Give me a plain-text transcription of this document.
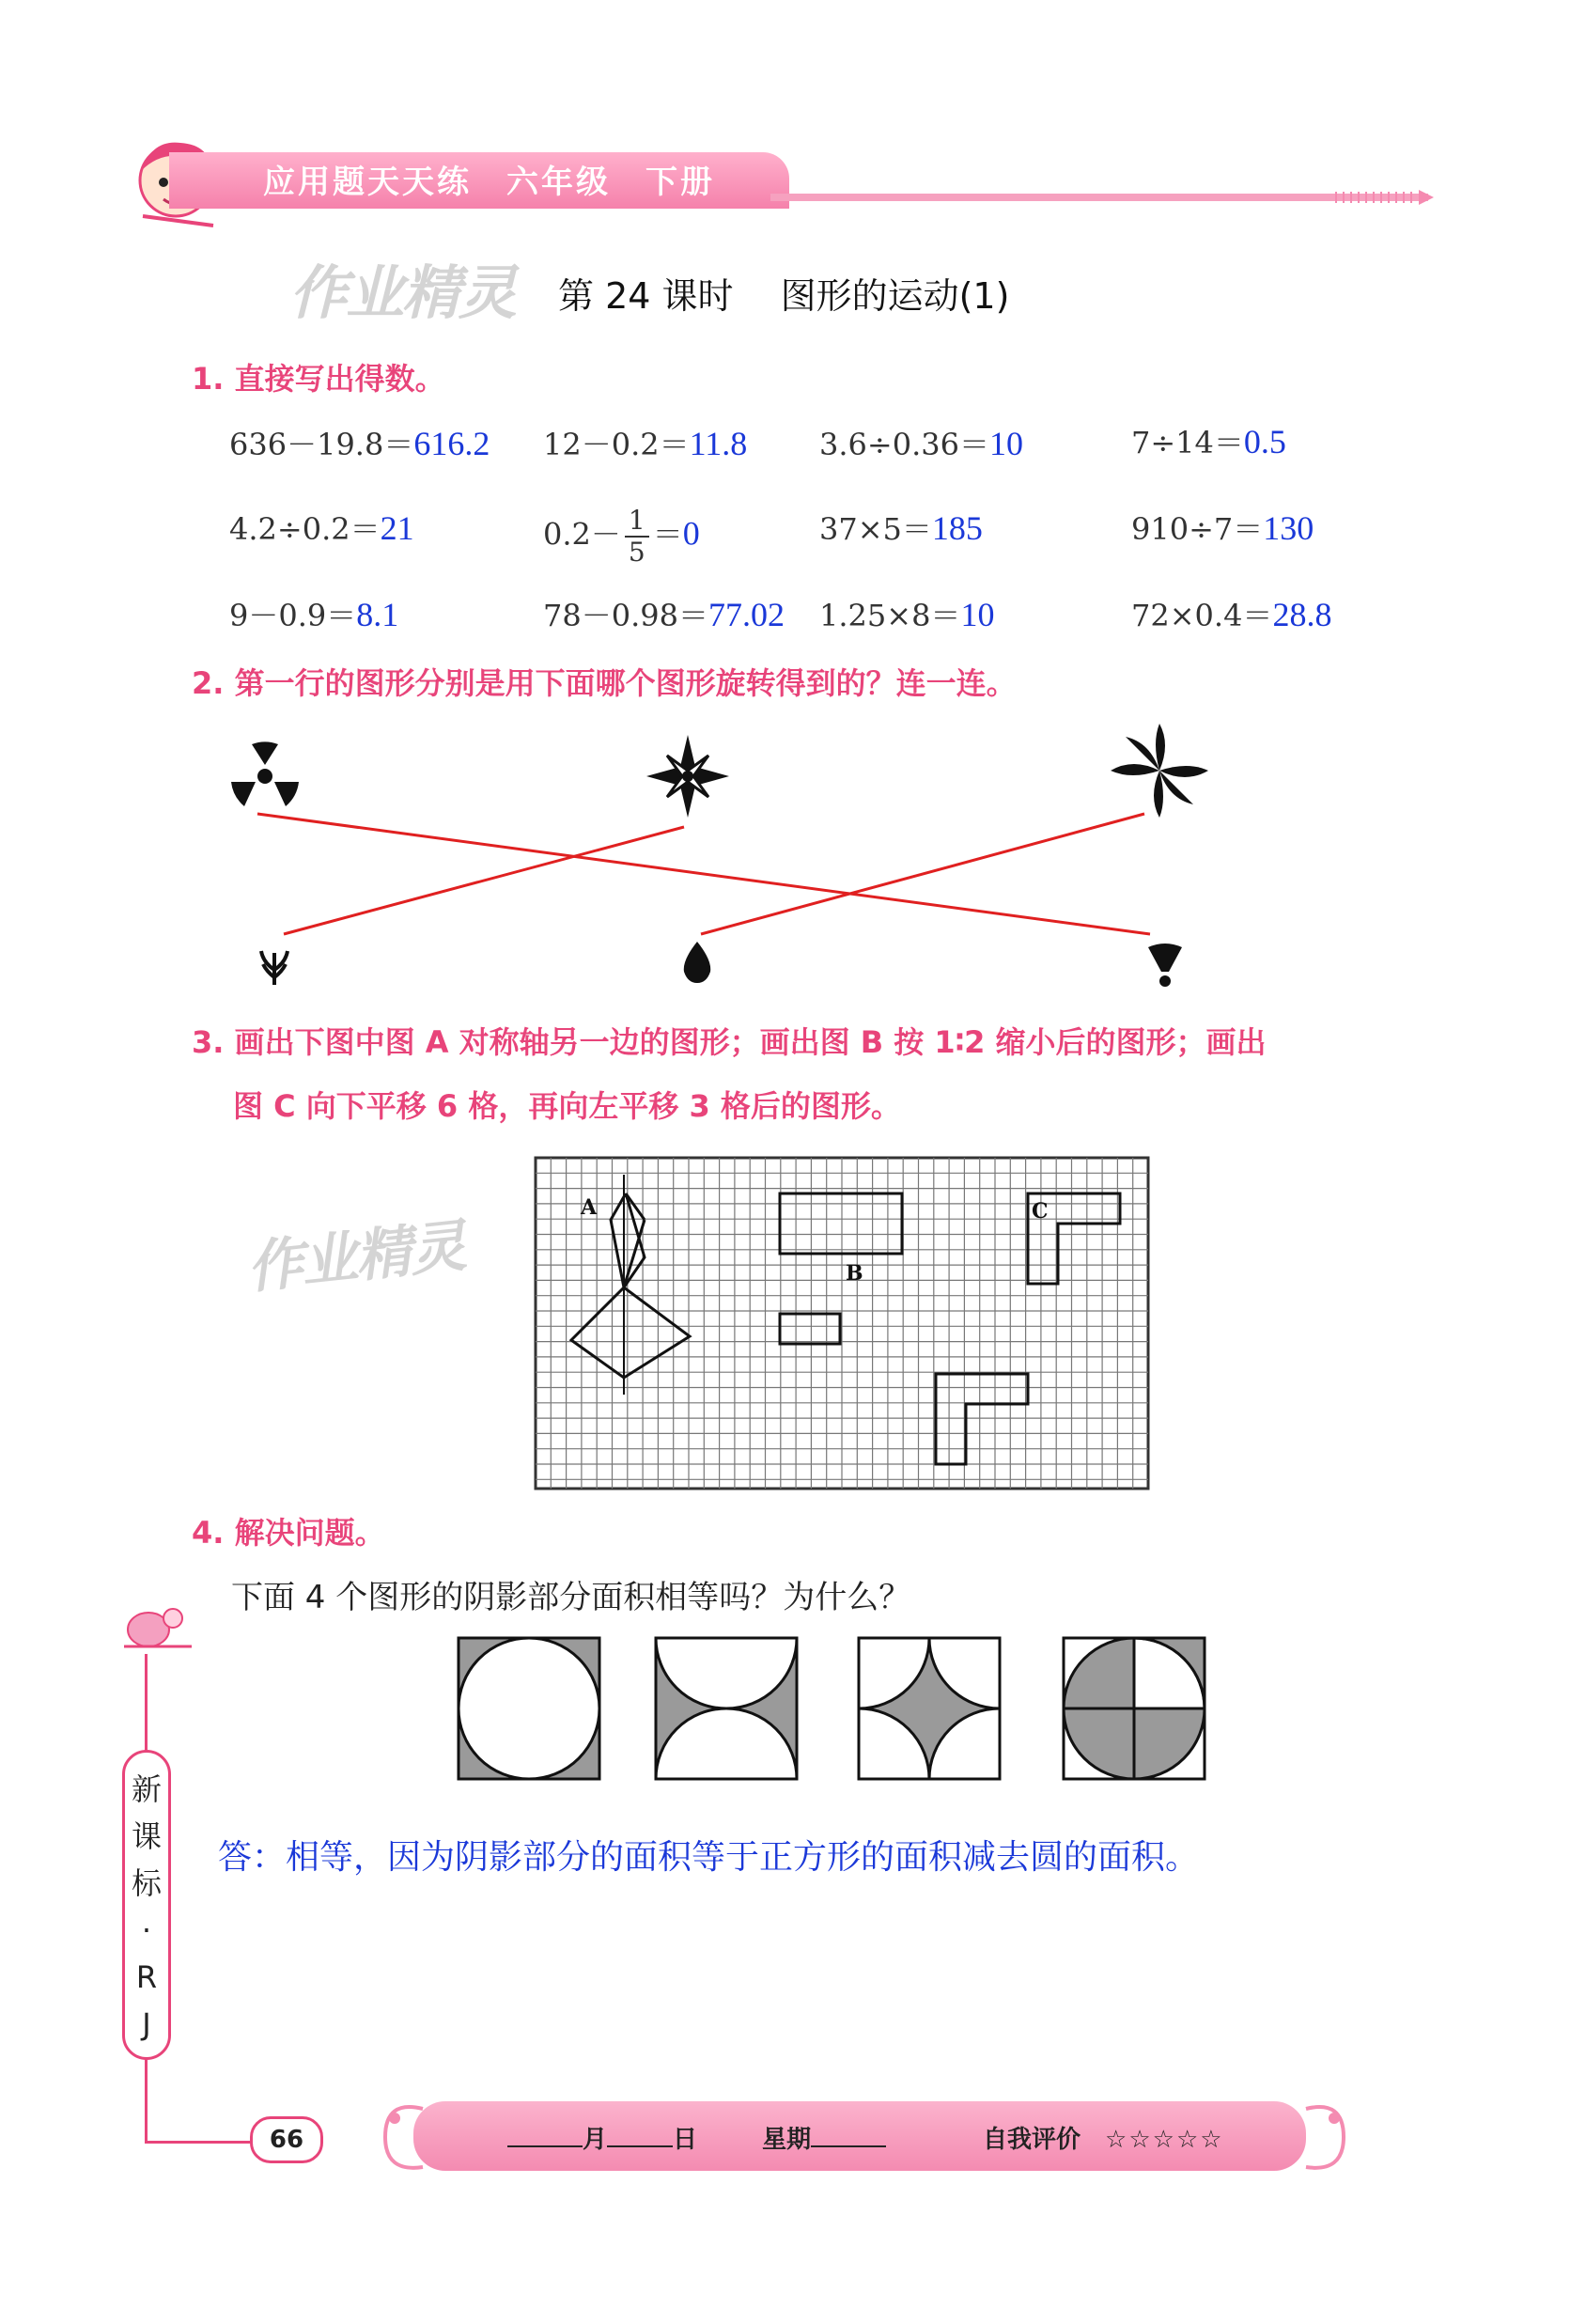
应用题天天练　六年级　下册
作业精灵 第 24 课时　 图形的运动(1)
1. 直接写出得数。
636－19.8＝616.2 12－0.2＝11.8 3.6÷0.36＝10	7÷14＝0.5
4.2÷0.2＝21	$0.2- \frac{1}{5} =0$	37×5＝185	910÷7＝130
9－0.9＝8.1	78－0.98＝77.02 1.25×8＝10	72×0.4＝28.8
2. 第一行的图形分别是用下面哪个图形旋转得到的？连一连。
3. 画出下图中图 A 对称轴另一边的图形；画出图 B 按 1∶2 缩小后的图形；画出
图 C 向下平移 6 格，再向左平移 3 格后的图形。
作业精灵
A
B
C
4. 解决问题。
下面 4 个图形的阴影部分面积相等吗？为什么？
答：相等，因为阴影部分的面积等于正方形的面积减去圆的面积。
新
课
标
·
R
J
66	月	日	星期	自我评价　 ☆☆☆☆☆
